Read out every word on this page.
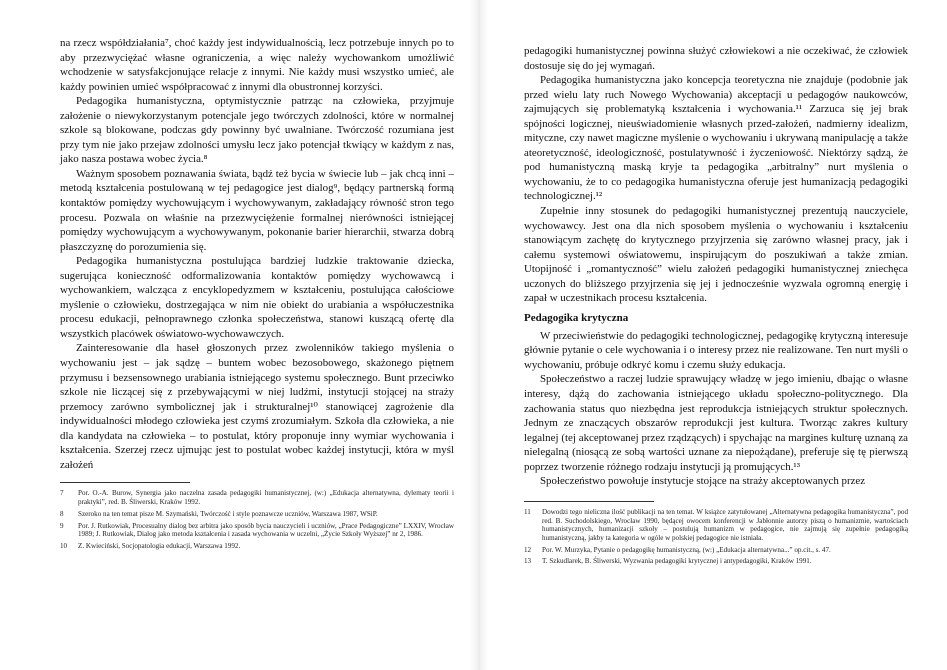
na rzecz współdziałania⁷, choć każdy jest indywidualnością, lecz potrzebuje innych po to aby przezwyciężać własne ograniczenia, a więc należy wychowankom umożliwić wchodzenie w satysfakcjonujące relacje z innymi. Nie każdy musi wszystko umieć, ale każdy powinien umieć współpracować z innymi dla obustronnej korzyści.

Pedagogika humanistyczna, optymistycznie patrząc na człowieka, przyjmuje założenie o niewykorzystanym potencjale jego twórczych zdolności, które w normalnej szkole są blokowane, podczas gdy powinny być uwalniane. Twórczość rozumiana jest przy tym nie jako przejaw zdolności umysłu lecz jako potencjał tkwiący w każdym z nas, jako nasza postawa wobec życia.⁸

Ważnym sposobem poznawania świata, bądź też bycia w świecie lub – jak chcą inni – metodą kształcenia postulowaną w tej pedagogice jest dialog⁹, będący partnerską formą kontaktów pomiędzy wychowującym i wychowywanym, zakładający równość stron tego procesu. Pozwala on właśnie na przezwyciężenie formalnej nierówności istniejącej pomiędzy wychowującym a wychowywanym, pokonanie barier hierarchii, stwarza dobrą płaszczyznę do porozumienia się.

Pedagogika humanistyczna postulująca bardziej ludzkie traktowanie dziecka, sugerująca konieczność odformalizowania kontaktów pomiędzy wychowawcą i wychowankiem, walcząca z encyklopedyzmem w kształceniu, postulująca całościowe myślenie o człowieku, dostrzegająca w nim nie obiekt do urabiania a współuczestnika procesu edukacji, pełnoprawnego członka społeczeństwa, stanowi kuszącą ofertę dla wszystkich placówek oświatowo-wychowawczych.

Zainteresowanie dla haseł głoszonych przez zwolenników takiego myślenia o wychowaniu jest – jak sądzę – buntem wobec bezosobowego, skażonego piętnem przymusu i bezsensownego urabiania istniejącego systemu społecznego. Bunt przeciwko szkole nie liczącej się z przebywającymi w niej ludźmi, instytucji stojącej na straży przemocy zarówno symbolicznej jak i strukturalnej¹⁰ stanowiącej zagrożenie dla indywidualności młodego człowieka jest czymś zrozumiałym. Szkoła dla człowieka, a nie dla kandydata na człowieka – to postulat, który proponuje inny wymiar wychowania i kształcenia. Szerzej rzecz ujmując jest to postulat wobec każdej instytucji, która w myśl założeń

7 Por. O.-A. Burow, Synergia jako naczelna zasada pedagogiki humanistycznej, (w:) „Edukacja alternatywna, dylematy teorii i praktyki”, red. B. Śliwerski, Kraków 1992.
8 Szeroko na ten temat pisze M. Szymański, Twórczość i style poznawcze uczniów, Warszawa 1987, WSiP.
9 Por. J. Rutkowiak, Procesualny dialog bez arbitra jako sposób bycia nauczycieli i uczniów, „Prace Pedagogiczne” LXXIV, Wrocław 1989; J. Rutkowiak, Dialog jako metoda kształcenia i zasada wychowania w uczelni, „Życie Szkoły Wyższej” nr 2, 1986.
10 Z. Kwieciński, Socjopatologia edukacji, Warszawa 1992.

pedagogiki humanistycznej powinna służyć człowiekowi a nie oczekiwać, że człowiek dostosuje się do jej wymagań.

Pedagogika humanistyczna jako koncepcja teoretyczna nie znajduje (podobnie jak przed wielu laty ruch Nowego Wychowania) akceptacji u pedagogów naukowców, zajmujących się problematyką kształcenia i wychowania.¹¹ Zarzuca się jej brak spójności logicznej, nieuświadomienie własnych przed-założeń, nadmierny idealizm, mityczne, czy nawet magiczne myślenie o wychowaniu i ukrywaną manipulację a także ateoretyczność, ideologiczność, postulatywność i życzeniowość. Niektórzy sądzą, że pod humanistyczną maską kryje ta pedagogika „arbitralny” nurt myślenia o wychowaniu, że to co pedagogika humanistyczna oferuje jest humanizacją pedagogiki technologicznej.¹²

Zupełnie inny stosunek do pedagogiki humanistycznej prezentują nauczyciele, wychowawcy. Jest ona dla nich sposobem myślenia o wychowaniu i kształceniu stanowiącym zachętę do krytycznego przyjrzenia się zarówno własnej pracy, jak i całemu systemowi oświatowemu, inspirującym do poszukiwań a także zmian. Utopijność i „romantyczność” wielu założeń pedagogiki humanistycznej zniechęca uczonych do bliższego przyjrzenia się jej i jednocześnie wyzwala ogromną energię i zapał w uczestnikach procesu kształcenia.

Pedagogika krytyczna

W przeciwieństwie do pedagogiki technologicznej, pedagogikę krytyczną interesuje głównie pytanie o cele wychowania i o interesy przez nie realizowane. Ten nurt myśli o wychowaniu, próbuje odkryć komu i czemu służy edukacja.

Społeczeństwo a raczej ludzie sprawujący władzę w jego imieniu, dbając o własne interesy, dążą do zachowania istniejącego układu społeczno-politycznego. Dla zachowania status quo niezbędna jest reprodukcja istniejących struktur społecznych. Jednym ze znaczących obszarów reprodukcji jest kultura. Tworząc zakres kultury legalnej (tej akceptowanej przez rządzących) i spychając na margines kulturę uznaną za nielegalną (niosącą ze sobą wartości uznane za niepożądane), preferuje się tę pierwszą poprzez tworzenie różnego rodzaju instytucji ją promujących.¹³

Społeczeństwo powołuje instytucje stojące na straży akceptowanych przez

11 Dowodzi tego nieliczna ilość publikacji na ten temat. W książce zatytułowanej „Alternatywna pedagogika humanistyczna”, pod red. B. Suchodolskiego, Wrocław 1990, będącej owocem konferencji w Jabłonnie autorzy piszą o humanizmie, wartościach humanistycznych, humanizacji szkoły – postulują humanizm w pedagogice, nie zajmują się zupełnie pedagogiką humanistyczną, jakby ta kategoria w ogóle w polskiej pedagogice nie istniała.
12 Por. W. Murzyka, Pytanie o pedagogikę humanistyczną, (w:) „Edukacja alternatywna...” op.cit., s. 47.
13 T. Szkudlarek, B. Śliwerski, Wyzwania pedagogiki krytycznej i antypedagogiki, Kraków 1991.
